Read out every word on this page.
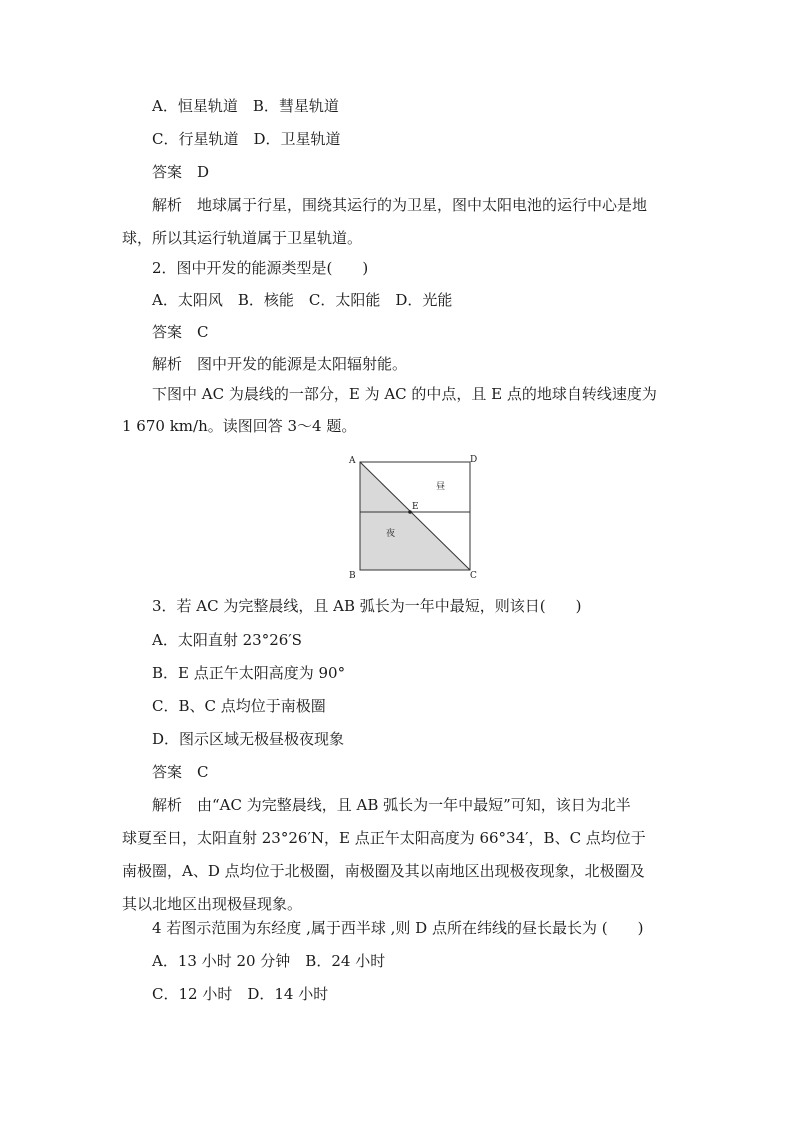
A．恒星轨道　B．彗星轨道
C．行星轨道　D．卫星轨道
答案　D
解析　地球属于行星，围绕其运行的为卫星，图中太阳电池的运行中心是地
球，所以其运行轨道属于卫星轨道。
2．图中开发的能源类型是(　　)
A．太阳风　B．核能　C．太阳能　D．光能
答案　C
解析　图中开发的能源是太阳辐射能。
下图中 AC 为晨线的一部分，E 为 AC 的中点，且 E 点的地球自转线速度为
1 670 km/h。读图回答 3～4 题。
A
B	C
D
E
昼
夜
3．若 AC 为完整晨线，且 AB 弧长为一年中最短，则该日(　　)
A．太阳直射 23°26′S
B．E 点正午太阳高度为 90°
C．B、C 点均位于南极圈
D．图示区域无极昼极夜现象
答案　C
解析　由“AC 为完整晨线，且 AB 弧长为一年中最短”可知，该日为北半
球夏至日，太阳直射 23°26′N，E 点正午太阳高度为 66°34′，B、C 点均位于
南极圈，A、D 点均位于北极圈，南极圈及其以南地区出现极夜现象，北极圈及
其以北地区出现极昼现象。
4 若图示范围为东经度 ,属于西半球 ,则 D 点所在纬线的昼长最长为 (　　)
A．13 小时 20 分钟　B．24 小时
C．12 小时　D．14 小时
